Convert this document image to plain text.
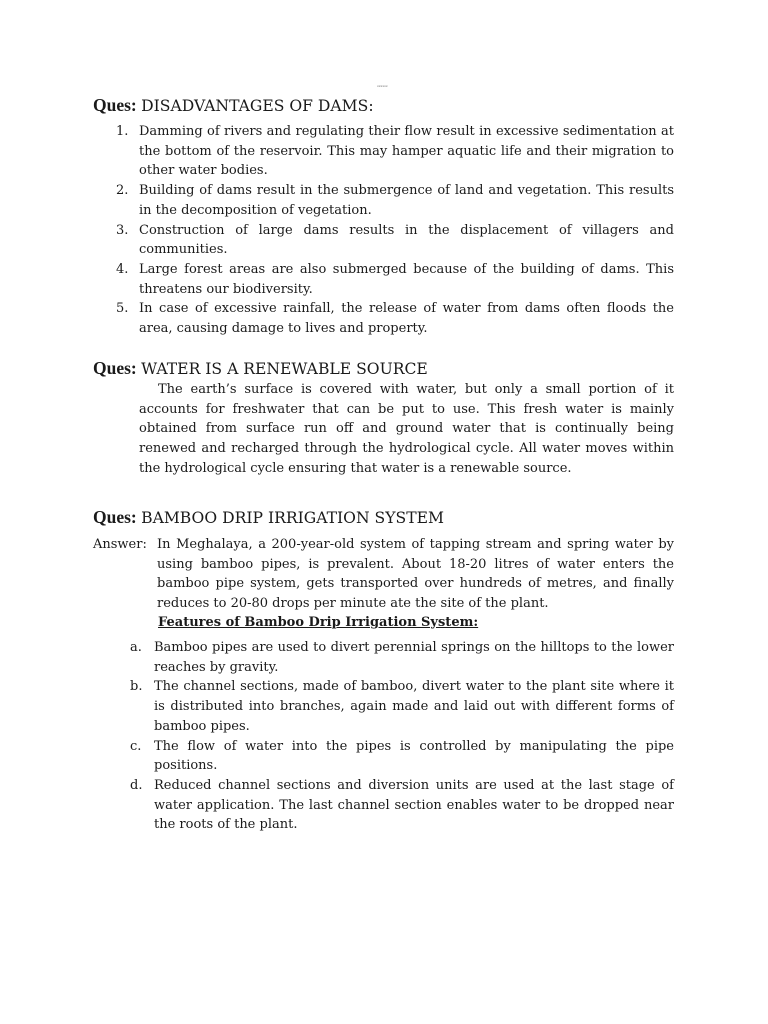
xxxxxx
Ques: DISADVANTAGES OF DAMS:
1. Damming of rivers and regulating their flow result in excessive sedimentation at the bottom of the reservoir. This may hamper aquatic life and their migration to other water bodies.
2. Building of dams result in the submergence of land and vegetation. This results in the decomposition of vegetation.
3. Construction of large dams results in the displacement of villagers and communities.
4. Large forest areas are also submerged because of the building of dams. This threatens our biodiversity.
5. In case of excessive rainfall, the release of water from dams often floods the area, causing damage to lives and property.
Ques: WATER IS A RENEWABLE SOURCE
The earth’s surface is covered with water, but only a small portion of it accounts for freshwater that can be put to use. This fresh water is mainly obtained from surface run off and ground water that is continually being renewed and recharged through the hydrological cycle. All water moves within the hydrological cycle ensuring that water is a renewable source.
Ques: BAMBOO DRIP IRRIGATION SYSTEM
Answer: In Meghalaya, a 200-year-old system of tapping stream and spring water by using bamboo pipes, is prevalent. About 18-20 litres of water enters the bamboo pipe system, gets transported over hundreds of metres, and finally reduces to 20-80 drops per minute ate the site of the plant.
Features of Bamboo Drip Irrigation System:
a. Bamboo pipes are used to divert perennial springs on the hilltops to the lower reaches by gravity.
b. The channel sections, made of bamboo, divert water to the plant site where it is distributed into branches, again made and laid out with different forms of bamboo pipes.
c. The flow of water into the pipes is controlled by manipulating the pipe positions.
d. Reduced channel sections and diversion units are used at the last stage of water application. The last channel section enables water to be dropped near the roots of the plant.
